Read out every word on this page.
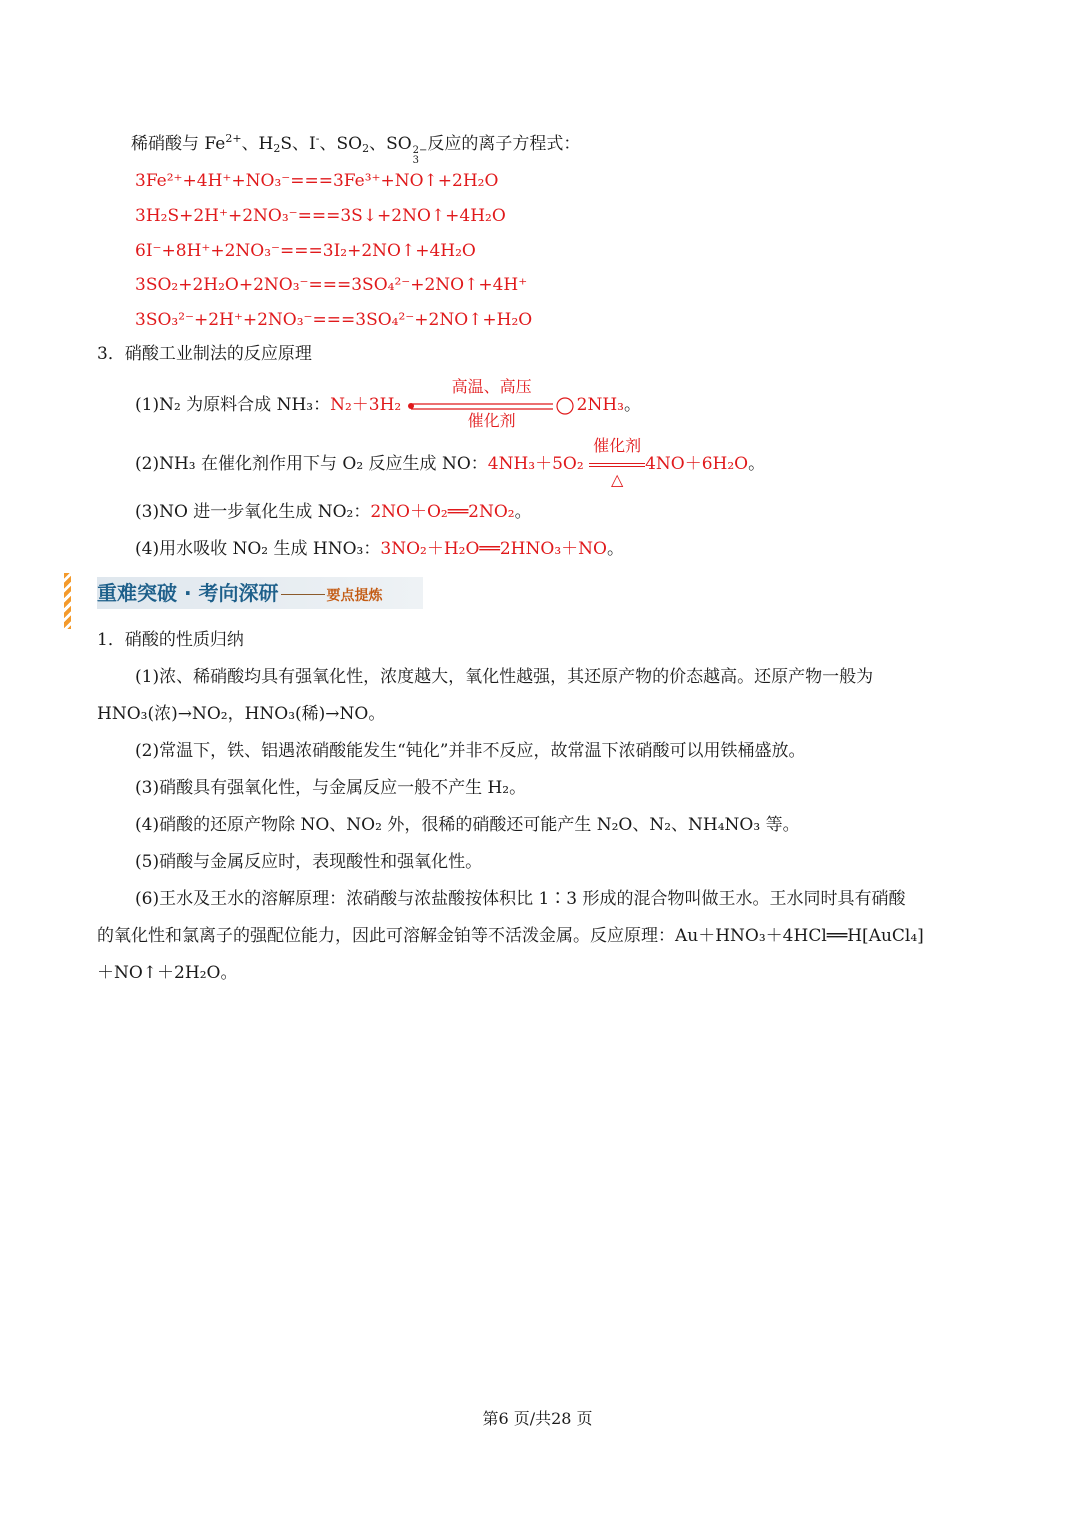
稀硝酸与 $Fe^{2+}$、$H_2S$、I-、$SO_2$、SO 2−
3
反应的离子方程式：
3Fe²⁺+4H⁺+NO₃⁻===3Fe³⁺+NO↑+2H₂O
3H₂S+2H⁺+2NO₃⁻===3S↓+2NO↑+4H₂O
6I⁻+8H⁺+2NO₃⁻===3I₂+2NO↑+4H₂O
3SO₂+2H₂O+2NO₃⁻===3SO₄²⁻+2NO↑+4H⁺
3SO₃²⁻+2H⁺+2NO₃⁻===3SO₄²⁻+2NO↑+H₂O
3．硝酸工业制法的反应原理
(1)N₂ 为原料合成 NH₃：N₂＋3H₂
高温、高压
催化剂
2NH₃。
(2)NH₃ 在催化剂作用下与 O₂ 反应生成 NO：4NH₃＋5O₂
催化剂
△
4NO＋6H₂O。
(3)NO 进一步氧化生成 NO₂：2NO＋O₂══2NO₂。
(4)用水吸收 NO₂ 生成 HNO₃：3NO₂＋H₂O══2HNO₃＋NO。
重难突破 · 考向深研	要点提炼
1．硝酸的性质归纳
(1)浓、稀硝酸均具有强氧化性，浓度越大，氧化性越强，其还原产物的价态越高。还原产物一般为
HNO₃(浓)→NO₂，HNO₃(稀)→NO。
(2)常温下，铁、铝遇浓硝酸能发生“钝化”并非不反应，故常温下浓硝酸可以用铁桶盛放。
(3)硝酸具有强氧化性，与金属反应一般不产生 H₂。
(4)硝酸的还原产物除 NO、NO₂ 外，很稀的硝酸还可能产生 N₂O、N₂、NH₄NO₃ 等。
(5)硝酸与金属反应时，表现酸性和强氧化性。
(6)王水及王水的溶解原理：浓硝酸与浓盐酸按体积比 1∶3 形成的混合物叫做王水。王水同时具有硝酸
的氧化性和氯离子的强配位能力，因此可溶解金铂等不活泼金属。反应原理：Au＋HNO₃＋4HCl══H[AuCl₄]
＋NO↑＋2H₂O。
第6 页/共28 页
